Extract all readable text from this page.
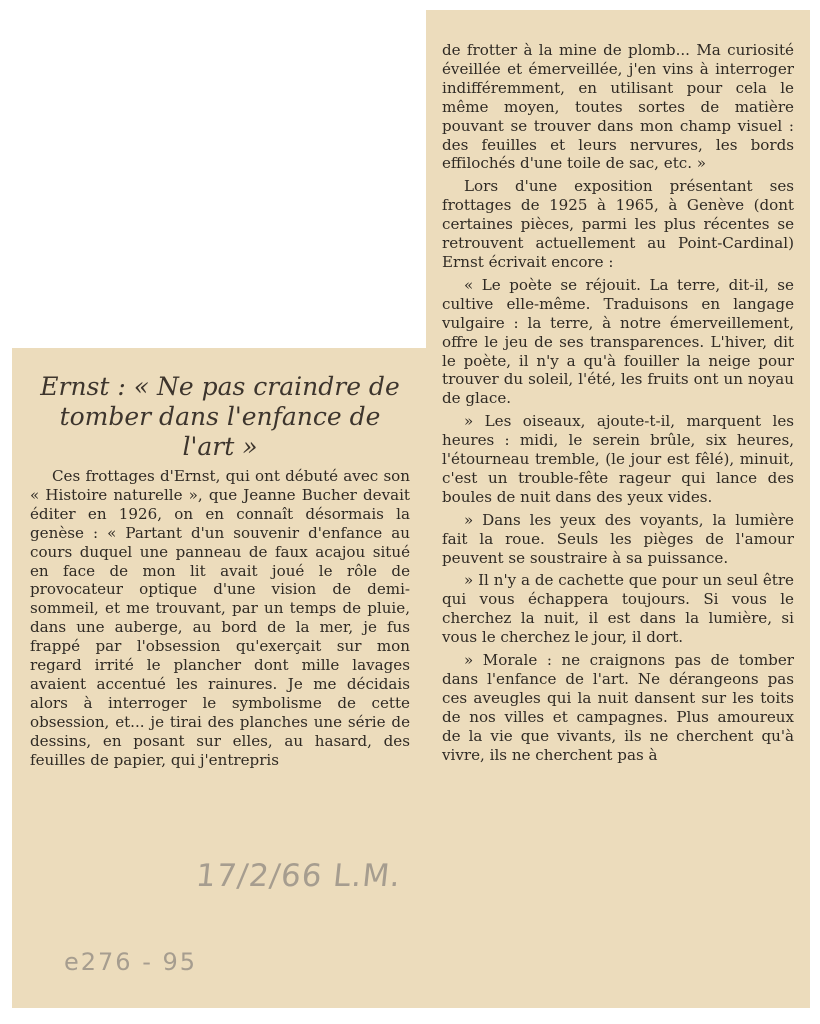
Ernst : « Ne pas craindre de tomber dans l'enfance de l'art »

Ces frottages d'Ernst, qui ont débuté avec son « Histoire naturelle », que Jeanne Bucher devait éditer en 1926, on en connaît désormais la genèse : « Partant d'un souvenir d'enfance au cours duquel une panneau de faux acajou situé en face de mon lit avait joué le rôle de provocateur optique d'une vision de demi-sommeil, et me trouvant, par un temps de pluie, dans une auberge, au bord de la mer, je fus frappé par l'obsession qu'exerçait sur mon regard irrité le plancher dont mille lavages avaient accentué les rainures. Je me décidais alors à interroger le symbolisme de cette obsession, et... je tirai des planches une série de dessins, en posant sur elles, au hasard, des feuilles de papier, qui j'entrepris

de frotter à la mine de plomb... Ma curiosité éveillée et émerveillée, j'en vins à interroger indifféremment, en utilisant pour cela le même moyen, toutes sortes de matière pouvant se trouver dans mon champ visuel : des feuilles et leurs nervures, les bords effilochés d'une toile de sac, etc. »

Lors d'une exposition présentant ses frottages de 1925 à 1965, à Genève (dont certaines pièces, parmi les plus récentes se retrouvent actuellement au Point-Cardinal) Ernst écrivait encore :

« Le poète se réjouit. La terre, dit-il, se cultive elle-même. Traduisons en langage vulgaire : la terre, à notre émerveillement, offre le jeu de ses transparences. L'hiver, dit le poète, il n'y a qu'à fouiller la neige pour trouver du soleil, l'été, les fruits ont un noyau de glace.

» Les oiseaux, ajoute-t-il, marquent les heures : midi, le serein brûle, six heures, l'étourneau tremble, (le jour est fêlé), minuit, c'est un trouble-fête rageur qui lance des boules de nuit dans des yeux vides.

» Dans les yeux des voyants, la lumière fait la roue. Seuls les pièges de l'amour peuvent se soustraire à sa puissance.

» Il n'y a de cachette que pour un seul être qui vous échappera toujours. Si vous le cherchez la nuit, il est dans la lumière, si vous le cherchez le jour, il dort.

» Morale : ne craignons pas de tomber dans l'enfance de l'art. Ne dérangeons pas ces aveugles qui la nuit dansent sur les toits de nos villes et campagnes. Plus amoureux de la vie que vivants, ils ne cherchent qu'à vivre, ils ne cherchent pas à

17/2/66 L.M.
e276 - 95
